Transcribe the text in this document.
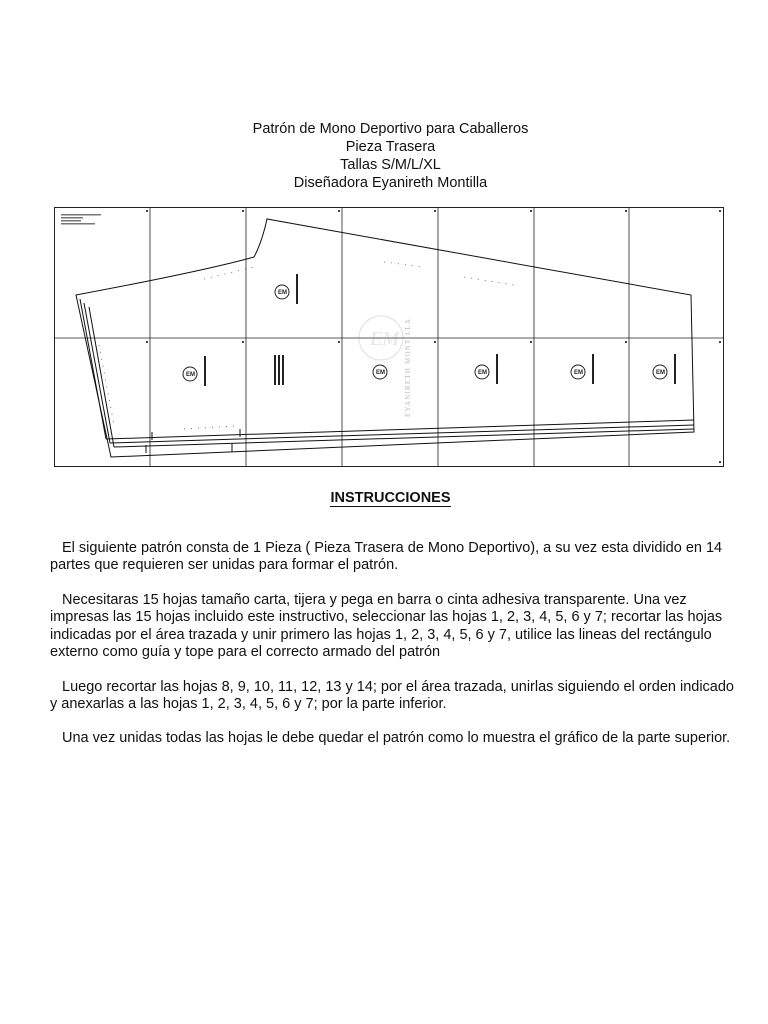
Patrón de Mono Deportivo para Caballeros
Pieza Trasera
Tallas S/M/L/XL
Diseñadora Eyanireth Montilla
EM EYANIRETH MONTILLA
EM
EM	EM	EM	EM	EM
INSTRUCCIONES

El siguiente patrón consta de 1 Pieza ( Pieza Trasera de Mono Deportivo), a su vez esta dividido en 14 partes que requieren ser unidas para formar el patrón.

Necesitaras 15 hojas tamaño carta, tijera y pega en barra o cinta adhesiva transparente. Una vez impresas las 15 hojas incluido este instructivo, seleccionar las hojas 1, 2, 3, 4, 5, 6 y 7; recortar las hojas indicadas por el área trazada y unir primero las hojas 1, 2, 3, 4, 5, 6 y 7, utilice las lineas del rectángulo externo como guía y tope para el correcto armado del patrón

Luego recortar las hojas 8, 9, 10, 11, 12, 13 y 14; por el área trazada, unirlas siguiendo el orden indicado y anexarlas a las hojas 1, 2, 3, 4, 5, 6 y 7; por la parte inferior.

Una vez unidas todas las hojas le debe quedar el patrón como lo muestra el gráfico de la parte superior.
